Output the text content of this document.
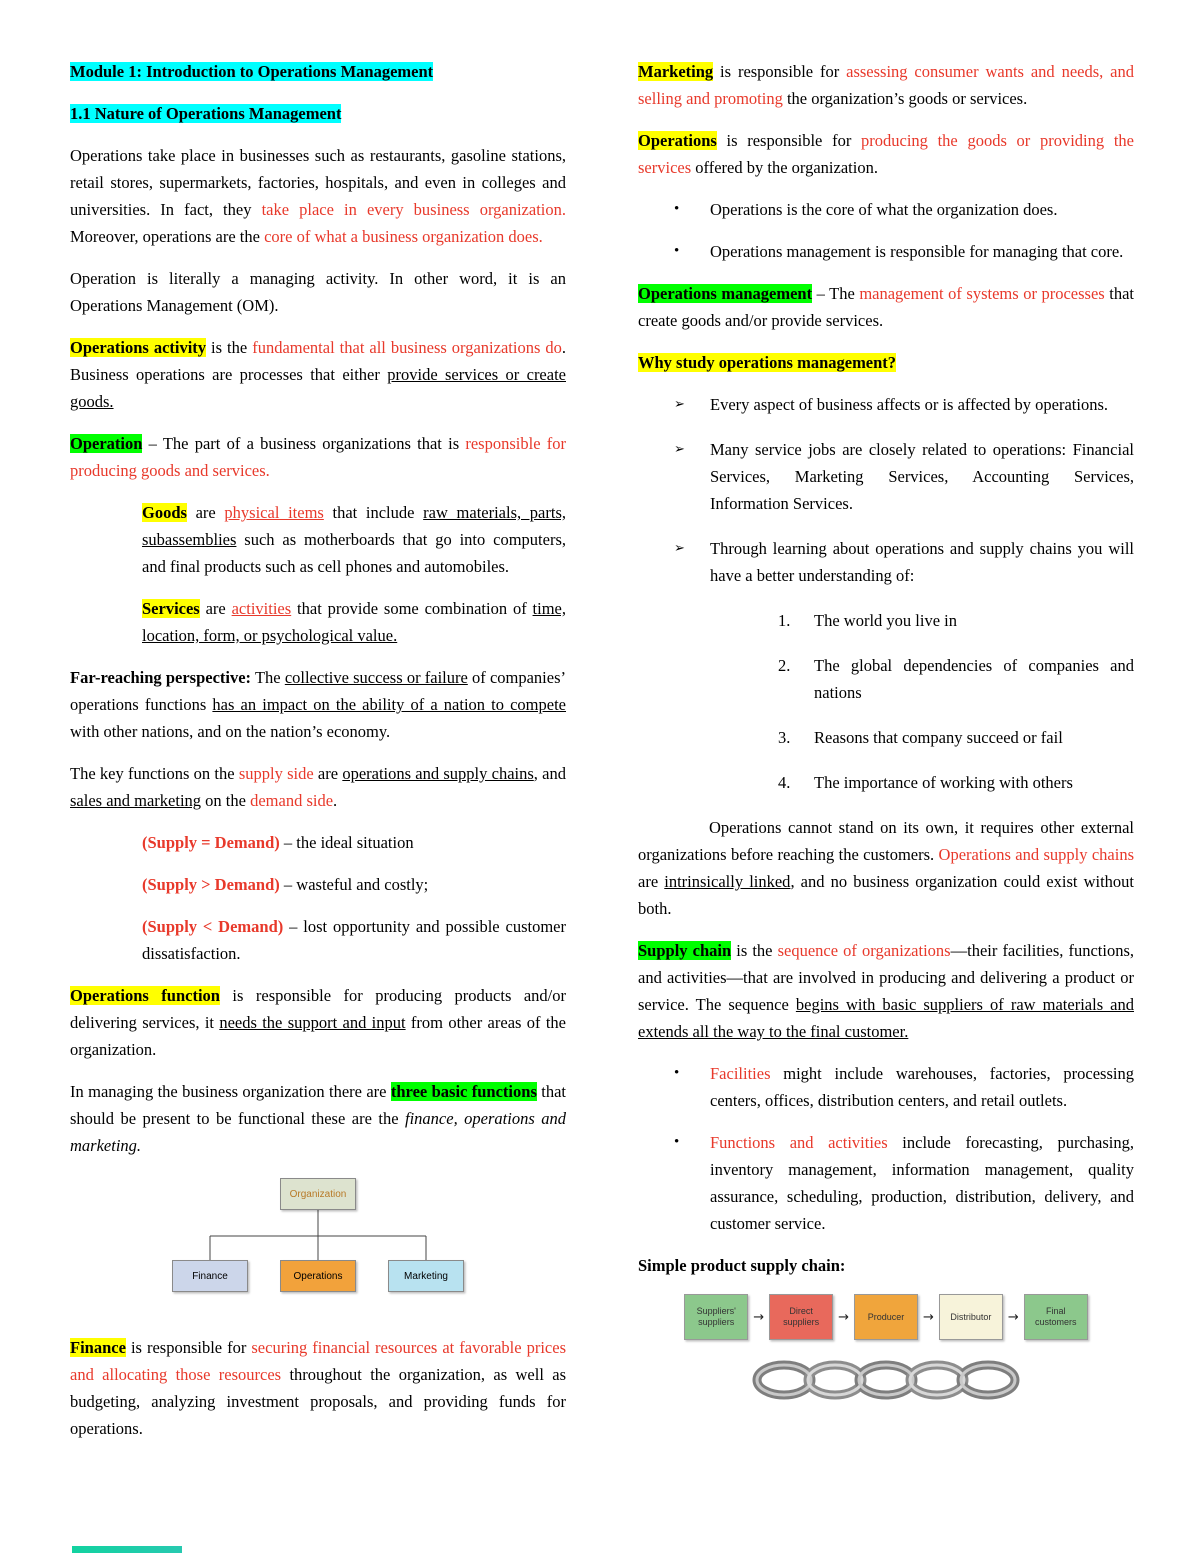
Module 1: Introduction to Operations Management
1.1 Nature of Operations Management
Operations take place in businesses such as restaurants, gasoline stations, retail stores, supermarkets, factories, hospitals, and even in colleges and universities. In fact, they take place in every business organization. Moreover, operations are the core of what a business organization does.
Operation is literally a managing activity. In other word, it is an Operations Management (OM).
Operations activity is the fundamental that all business organizations do. Business operations are processes that either provide services or create goods.
Operation – The part of a business organizations that is responsible for producing goods and services.
Goods are physical items that include raw materials, parts, subassemblies such as motherboards that go into computers, and final products such as cell phones and automobiles.
Services are activities that provide some combination of time, location, form, or psychological value.
Far-reaching perspective: The collective success or failure of companies’ operations functions has an impact on the ability of a nation to compete with other nations, and on the nation’s economy.
The key functions on the supply side are operations and supply chains, and sales and marketing on the demand side.
(Supply = Demand) – the ideal situation
(Supply > Demand) – wasteful and costly;
(Supply < Demand) – lost opportunity and possible customer dissatisfaction.
Operations function is responsible for producing products and/or delivering services, it needs the support and input from other areas of the organization.
In managing the business organization there are three basic functions that should be present to be functional these are the finance, operations and marketing.
Organization
Finance	Operations	Marketing
Finance is responsible for securing financial resources at favorable prices and allocating those resources throughout the organization, as well as budgeting, analyzing investment proposals, and providing funds for operations.
Marketing is responsible for assessing consumer wants and needs, and selling and promoting the organization’s goods or services.
Operations is responsible for producing the goods or providing the services offered by the organization.
•	Operations is the core of what the organization does.
•	Operations management is responsible for managing that core.
Operations management – The management of systems or processes that create goods and/or provide services.
Why study operations management?
➢	Every aspect of business affects or is affected by operations.
➢	Many service jobs are closely related to operations: Financial Services, Marketing Services, Accounting Services, Information Services.
➢	Through learning about operations and supply chains you will have a better understanding of:
1.	The world you live in
2.	The global dependencies of companies and nations
3.	Reasons that company succeed or fail
4.	The importance of working with others
Operations cannot stand on its own, it requires other external organizations before reaching the customers. Operations and supply chains are intrinsically linked, and no business organization could exist without both.
Supply chain is the sequence of organizations—their facilities, functions, and activities—that are involved in producing and delivering a product or service. The sequence begins with basic suppliers of raw materials and extends all the way to the final customer.
•	Facilities might include warehouses, factories, processing centers, offices, distribution centers, and retail outlets.
•	Functions and activities include forecasting, purchasing, inventory management, information management, quality assurance, scheduling, production, distribution, delivery, and customer service.
Simple product supply chain:
Suppliers' suppliers	→	Direct suppliers	→	Producer	→	Distributor	→	Final customers
